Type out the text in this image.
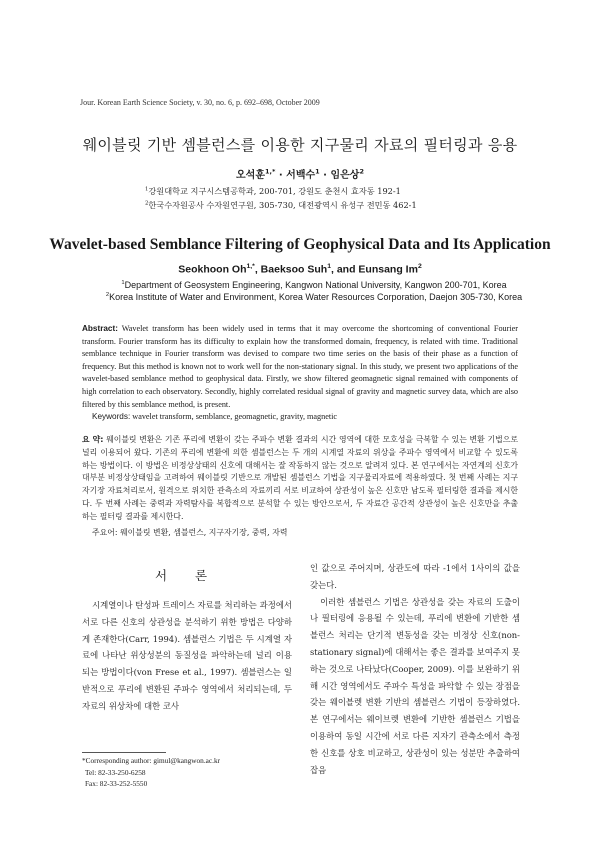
Jour. Korean Earth Science Society, v. 30, no. 6, p. 692–698, October 2009
웨이블릿 기반 셈블런스를 이용한 지구물리 자료의 필터링과 응용
오석훈$^{1,*}$ · 서백수$^1$ · 임은상$^2$
$^1$강원대학교 지구시스템공학과, 200-701, 강원도 춘천시 효자동 192-1
$^2$한국수자원공사 수자원연구원, 305-730, 대전광역시 유성구 전민동 462-1
Wavelet-based Semblance Filtering of Geophysical Data and Its Application
Seokhoon $Oh^{1,*}$, Baeksoo Suh$^1$, and Eunsang Im$^2$
$^1$Department of Geosystem Engineering, Kangwon National University, Kangwon 200-701, Korea
$^2$Korea Institute of Water and Environment, Korea Water Resources Corporation, Daejon 305-730, Korea
Abstract: Wavelet transform has been widely used in terms that it may overcome the shortcoming of conventional Fourier transform. Fourier transform has its difficulty to explain how the transformed domain, frequency, is related with time. Traditional semblance technique in Fourier transform was devised to compare two time series on the basis of their phase as a function of frequency. But this method is known not to work well for the non-stationary signal. In this study, we present two applications of the wavelet-based semblance method to geophysical data. Firstly, we show filtered geomagnetic signal remained with components of high correlation to each observatory. Secondly, highly correlated residual signal of gravity and magnetic survey data, which are also filtered by this semblance method, is present.
Keywords: wavelet transform, semblance, geomagnetic, gravity, magnetic
요 약: 웨이블릿 변환은 기존 푸리에 변환이 갖는 주파수 변환 결과의 시간 영역에 대한 모호성을 극복할 수 있는 변환 기법으로 널리 이용되어 왔다. 기존의 푸리에 변환에 의한 셈블런스는 두 개의 시계열 자료의 위상을 주파수 영역에서 비교할 수 있도록 하는 방법이다. 이 방법은 비정상상태의 신호에 대해서는 잘 작동하지 않는 것으로 알려져 있다. 본 연구에서는 자연계의 신호가 대부분 비정상상태임을 고려하여 웨이블릿 기반으로 개발된 셈블런스 기법을 지구물리자료에 적용하였다. 첫 번째 사례는 지구자기장 자료처리로서, 원격으로 위치한 관측소의 자료끼리 서로 비교하여 상관성이 높은 신호만 남도록 필터링한 결과를 제시한다. 두 번째 사례는 중력과 자력탐사를 복합적으로 분석할 수 있는 방안으로서, 두 자료간 공간적 상관성이 높은 신호만을 추출하는 필터링 결과를 제시한다.
주요어: 웨이블릿 변환, 셈블런스, 지구자기장, 중력, 자력
서 론

시계열이나 탄성파 트레이스 자료를 처리하는 과정에서 서로 다른 신호의 상관성을 분석하기 위한 방법은 다양하게 존재한다(Carr, 1994). 셈블런스 기법은 두 시계열 자료에 나타난 위상성분의 동질성을 파악하는데 널리 이용되는 방법이다(von Frese et al., 1997). 셈블런스는 일반적으로 푸리에 변환된 주파수 영역에서 처리되는데, 두 자료의 위상차에 대한 코사

인 값으로 주어지며, 상관도에 따라 -1에서 1사이의 값을 갖는다.

이러한 셈블런스 기법은 상관성을 갖는 자료의 도출이나 필터링에 응용될 수 있는데, 푸리에 변환에 기반한 셈블런스 처리는 단기적 변동성을 갖는 비정상 신호(non-stationary signal)에 대해서는 좋은 결과를 보여주지 못하는 것으로 나타났다(Cooper, 2009). 이를 보완하기 위해 시간 영역에서도 주파수 특성을 파악할 수 있는 장점을 갖는 웨이블렛 변환 기반의 셈블런스 기법이 등장하였다. 본 연구에서는 웨이브렛 변환에 기반한 셈블런스 기법을 이용하여 동일 시간에 서로 다른 지자기 관측소에서 측정한 신호를 상호 비교하고, 상관성이 있는 성분만 추출하여 잡음

*Corresponding author: gimul@kangwon.ac.kr
Tel: 82-33-250-6258
Fax: 82-33-252-5550
